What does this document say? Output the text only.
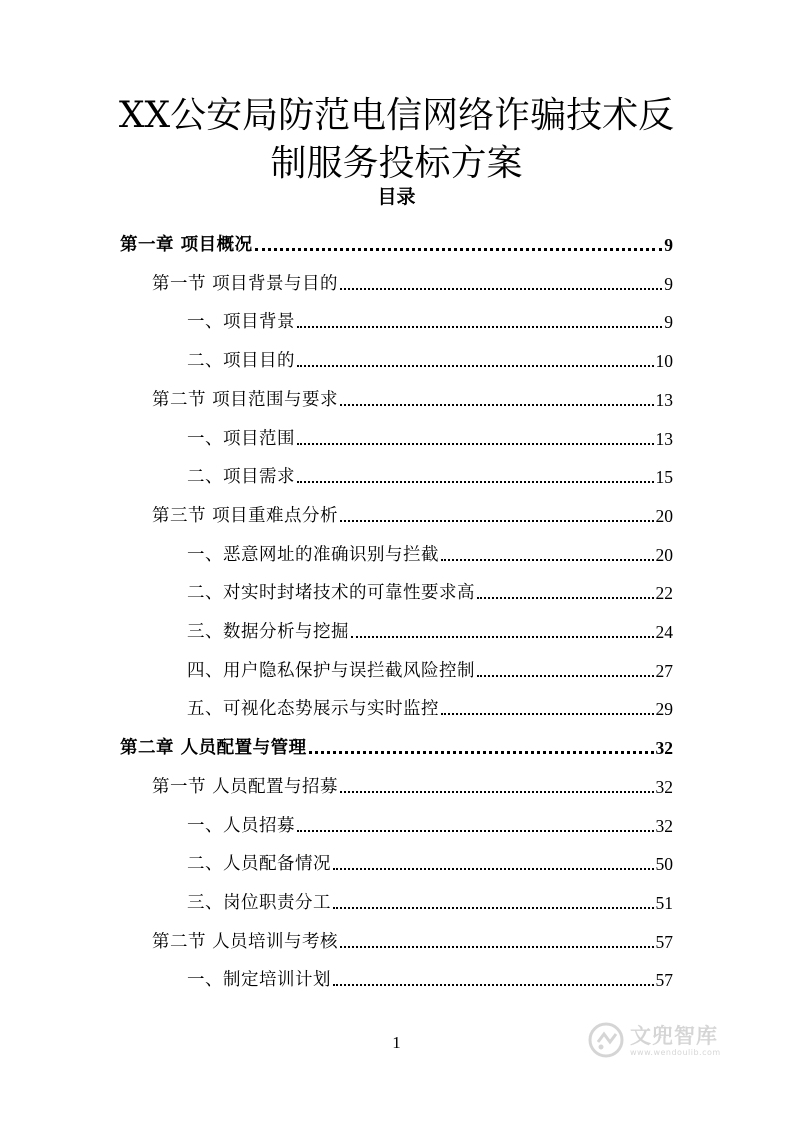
XX公安局防范电信网络诈骗技术反
制服务投标方案
目录
第一章 项目概况	9
第一节 项目背景与目的	9
一、项目背景	9
二、项目目的	10
第二节 项目范围与要求	13
一、项目范围	13
二、项目需求	15
第三节 项目重难点分析	20
一、恶意网址的准确识别与拦截	20
二、对实时封堵技术的可靠性要求高	22
三、数据分析与挖掘	24
四、用户隐私保护与误拦截风险控制	27
五、可视化态势展示与实时监控	29
第二章 人员配置与管理	32
第一节 人员配置与招募	32
一、人员招募	32
二、人员配备情况	50
三、岗位职责分工	51
第二节 人员培训与考核	57
一、制定培训计划	57
1	文兜智库
www.wendoulib.com
